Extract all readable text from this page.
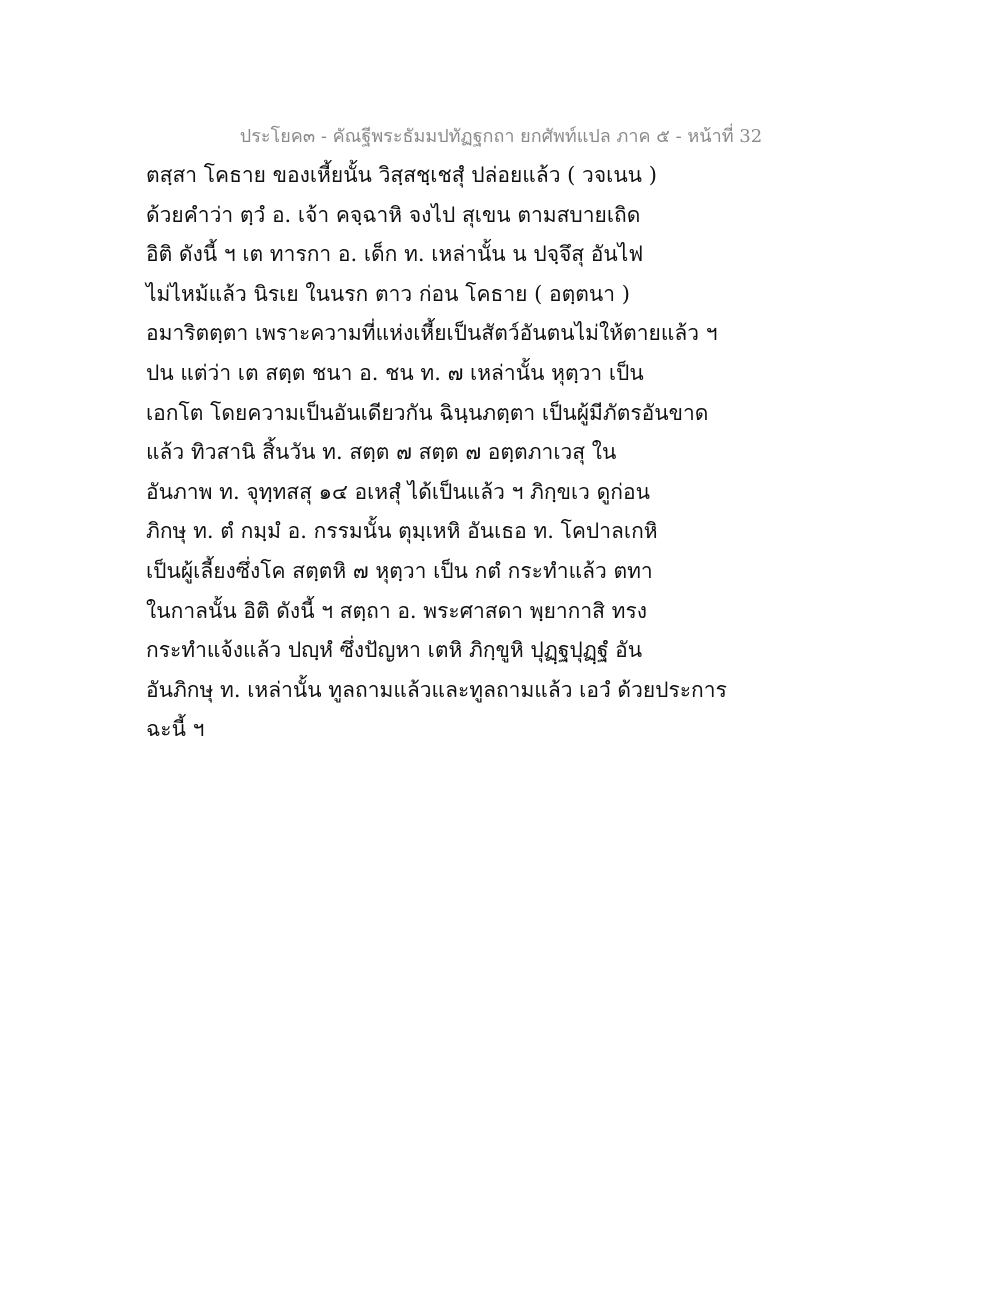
ประโยค๓ - คัณฐีพระธัมมปทัฏฐกถา ยกศัพท์แปล ภาค ๕ - หน้าที่ 32
ตสฺสา โคธาย ของเหี้ยนั้น วิสฺสชฺเชสุํ ปล่อยแล้ว ( วจเนน )
ด้วยคำว่า ตฺวํ อ. เจ้า คจฺฉาหิ จงไป สุเขน ตามสบายเถิด
อิติ ดังนี้ ฯ เต ทารกา อ. เด็ก ท. เหล่านั้น น ปจฺจึสุ อันไฟ
ไม่ไหม้แล้ว นิรเย ในนรก ตาว ก่อน โคธาย ( อตฺตนา )
อมาริตตฺตา เพราะความที่แห่งเหี้ยเป็นสัตว์อันตนไม่ให้ตายแล้ว ฯ
ปน แต่ว่า เต สตฺต ชนา อ. ชน ท. ๗ เหล่านั้น หุตฺวา เป็น
เอกโต โดยความเป็นอันเดียวกัน ฉินฺนภตฺตา เป็นผู้มีภัตรอันขาด
แล้ว ทิวสานิ สิ้นวัน ท. สตฺต ๗ สตฺต ๗ อตฺตภาเวสุ ใน
อันภาพ ท. จุทฺทสสุ ๑๔ อเหสุํ ได้เป็นแล้ว ฯ ภิกฺขเว ดูก่อน
ภิกษุ ท. ตํ กมฺมํ อ. กรรมนั้น ตุมฺเหหิ อันเธอ ท. โคปาลเกหิ
เป็นผู้เลี้ยงซึ่งโค สตฺตหิ ๗ หุตฺวา เป็น กตํ กระทำแล้ว ตทา
ในกาลนั้น อิติ ดังนี้ ฯ สตฺถา อ. พระศาสดา พฺยากาสิ ทรง
กระทำแจ้งแล้ว ปญฺหํ ซึ่งปัญหา เตหิ ภิกฺขูหิ ปุฏฺฐปุฏฺฐํ อัน
อันภิกษุ ท. เหล่านั้น ทูลถามแล้วและทูลถามแล้ว เอวํ ด้วยประการ
ฉะนี้ ฯ
